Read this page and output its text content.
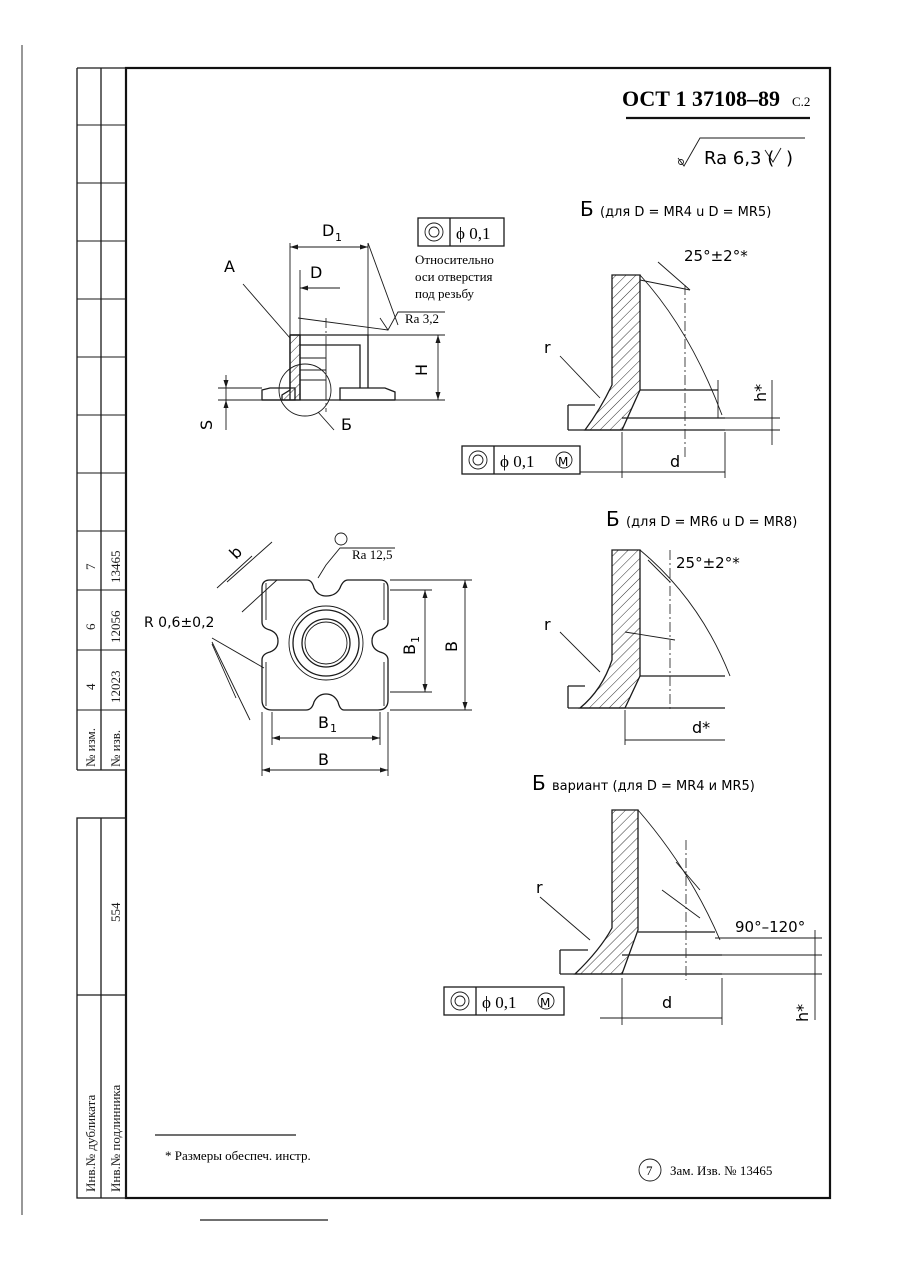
№ изм. № изв.
4 12023
6 12056
7 13465
Инв.№ дубликата Инв.№ подлинника
554
ОСТ 1 37108–89 С.2
Ra 6,3 ( )
D 1
D
А
H
S	Б
ϕ 0,1
Относительно
оси отверстия
под резьбу
Ra 3,2
b	Ra 12,5
R 0,6±0,2
B 1
B
B
1
B
Б (для D = MR4 u D = MR5)
25°±2°*
r
h*
d
ϕ 0,1 M
Б (для D = MR6 u D = MR8)
25°±2°*
r
d*
Б вариант (для D = MR4 и MR5)
r
90°–120°
d
h*
ϕ 0,1 M
* Размеры обеспеч. инстр.
7 Зам. Изв. № 13465
